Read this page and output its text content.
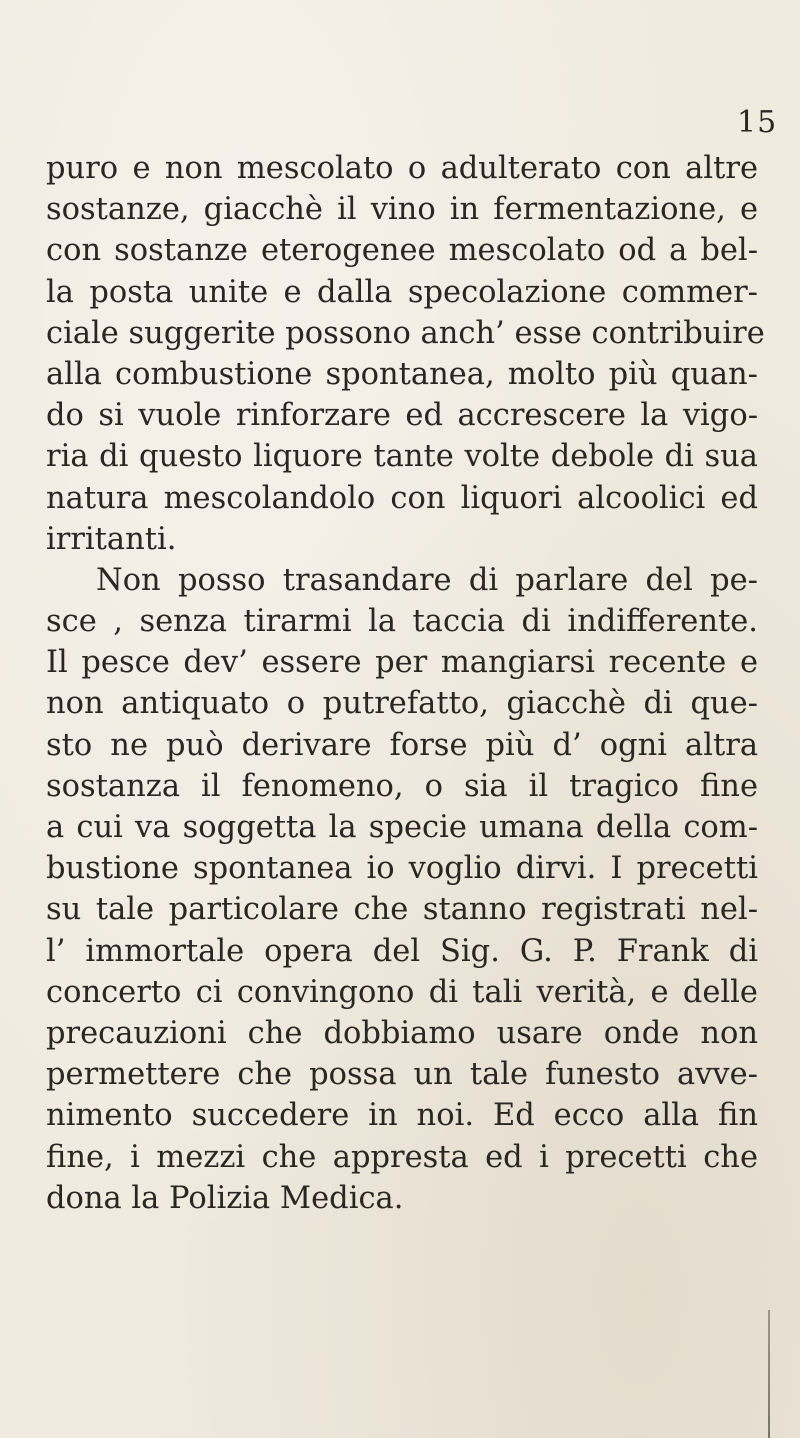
15
puro e non mescolato o adulterato con altre
sostanze, giacchè il vino in fermentazione, e
con sostanze eterogenee mescolato od a bel-
la posta unite e dalla specolazione commer-
ciale suggerite possono anch’ esse contribuire
alla combustione spontanea, molto più quan-
do si vuole rinforzare ed accrescere la vigo-
ria di questo liquore tante volte debole di sua
natura mescolandolo con liquori alcoolici ed
irritanti.
Non posso trasandare di parlare del pe-
sce , senza tirarmi la taccia di indifferente.
Il pesce dev’ essere per mangiarsi recente e
non antiquato o putrefatto, giacchè di que-
sto ne può derivare forse più d’ ogni altra
sostanza il fenomeno, o sia il tragico fine
a cui va soggetta la specie umana della com-
bustione spontanea io voglio dirvi. I precetti
su tale particolare che stanno registrati nel-
l’ immortale opera del Sig. G. P. Frank di
concerto ci convingono di tali verità, e delle
precauzioni che dobbiamo usare onde non
permettere che possa un tale funesto avve-
nimento succedere in noi. Ed ecco alla fin
fine, i mezzi che appresta ed i precetti che
dona la Polizia Medica.
